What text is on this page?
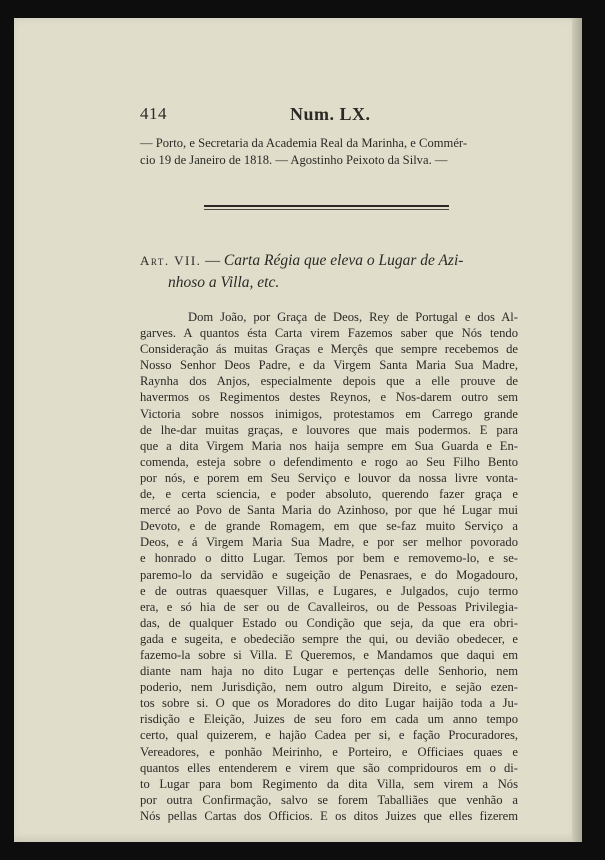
414	Num. LX.
— Porto, e Secretaria da Academia Real da Marinha, e Commér-
cio 19 de Janeiro de 1818. — Agostinho Peixoto da Silva. —
Art. VII. — Carta Régia que eleva o Lugar de Azi-
nhoso a Villa, etc.
Dom João, por Graça de Deos, Rey de Portugal e dos Al-
garves. A quantos ésta Carta virem Fazemos saber que Nós tendo
Consideração ás muitas Graças e Merçês que sempre recebemos de
Nosso Senhor Deos Padre, e da Virgem Santa Maria Sua Madre,
Raynha dos Anjos, especialmente depois que a elle prouve de
havermos os Regimentos destes Reynos, e Nos-darem outro sem
Victoria sobre nossos inimigos, protestamos em Carrego grande
de lhe-dar muitas graças, e louvores que mais podermos. E para
que a dita Virgem Maria nos haija sempre em Sua Guarda e En-
comenda, esteja sobre o defendimento e rogo ao Seu Filho Bento
por nós, e porem em Seu Serviço e louvor da nossa livre vonta-
de, e certa sciencia, e poder absoluto, querendo fazer graça e
mercé ao Povo de Santa Maria do Azinhoso, por que hé Lugar mui
Devoto, e de grande Romagem, em que se-faz muito Serviço a
Deos, e á Virgem Maria Sua Madre, e por ser melhor povorado
e honrado o ditto Lugar. Temos por bem e removemo-lo, e se-
paremo-lo da servidão e sugeição de Penasraes, e do Mogadouro,
e de outras quaesquer Villas, e Lugares, e Julgados, cujo termo
era, e só hia de ser ou de Cavalleiros, ou de Pessoas Privilegia-
das, de qualquer Estado ou Condição que seja, da que era obri-
gada e sugeita, e obedecião sempre the qui, ou devião obedecer, e
fazemo-la sobre si Villa. E Queremos, e Mandamos que daqui em
diante nam haja no dito Lugar e pertenças delle Senhorio, nem
poderio, nem Jurisdição, nem outro algum Direito, e sejão ezen-
tos sobre si. O que os Moradores do dito Lugar haijão toda a Ju-
risdição e Eleição, Juizes de seu foro em cada um anno tempo
certo, qual quizerem, e hajão Cadea per si, e fação Procuradores,
Vereadores, e ponhão Meirinho, e Porteiro, e Officiaes quaes e
quantos elles entenderem e virem que são compridouros em o di-
to Lugar para bom Regimento da dita Villa, sem virem a Nós
por outra Confirmação, salvo se forem Taballiães que venhão a
Nós pellas Cartas dos Officios. E os ditos Juizes que elles fizerem
